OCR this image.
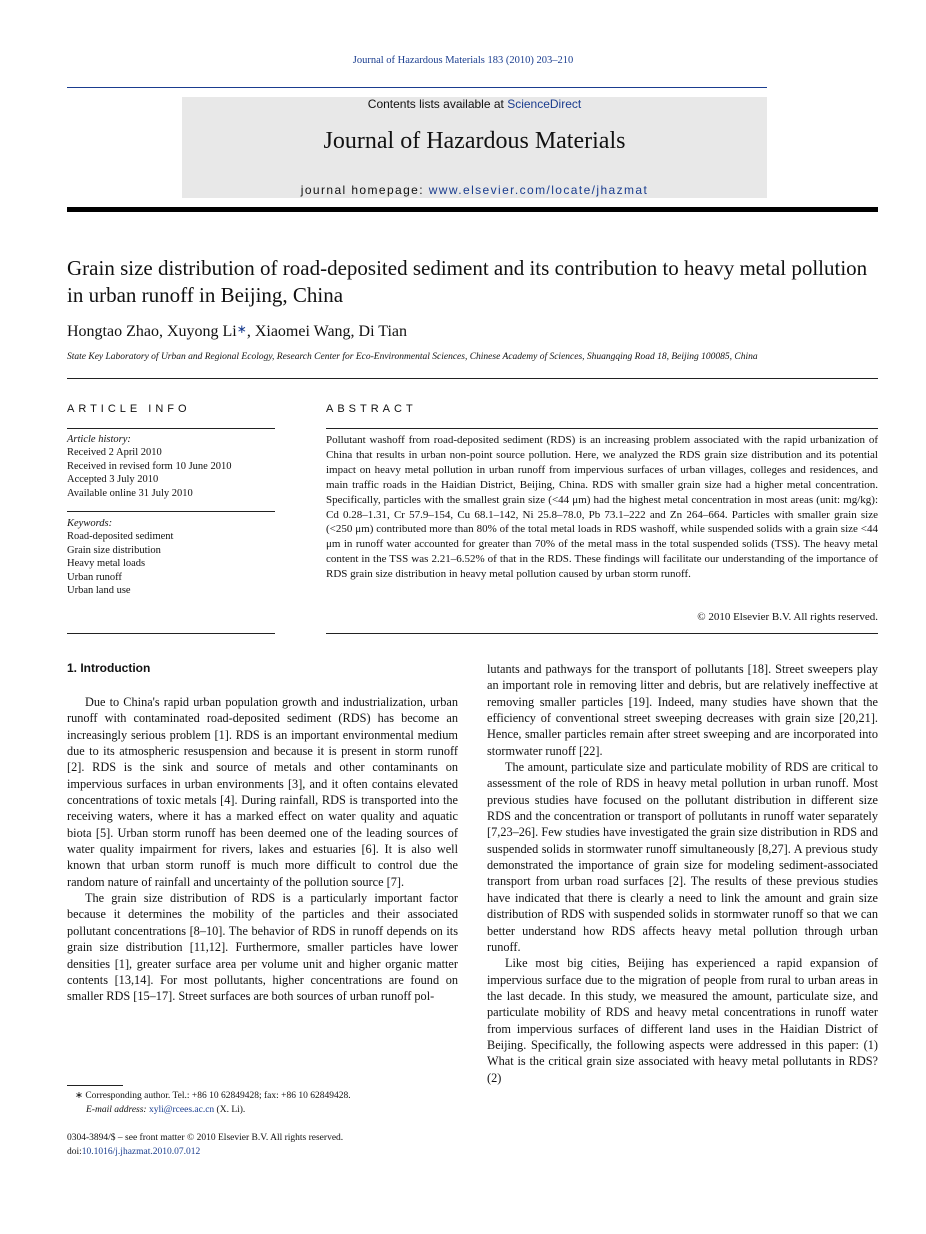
Journal of Hazardous Materials 183 (2010) 203–210
Contents lists available at ScienceDirect
Journal of Hazardous Materials
journal homepage: www.elsevier.com/locate/jhazmat
Grain size distribution of road-deposited sediment and its contribution to heavy metal pollution in urban runoff in Beijing, China
Hongtao Zhao, Xuyong Li∗, Xiaomei Wang, Di Tian
State Key Laboratory of Urban and Regional Ecology, Research Center for Eco-Environmental Sciences, Chinese Academy of Sciences, Shuangqing Road 18, Beijing 100085, China
ARTICLE INFO
Article history:
Received 2 April 2010
Received in revised form 10 June 2010
Accepted 3 July 2010
Available online 31 July 2010
Keywords:
Road-deposited sediment
Grain size distribution
Heavy metal loads
Urban runoff
Urban land use
ABSTRACT
Pollutant washoff from road-deposited sediment (RDS) is an increasing problem associated with the rapid urbanization of China that results in urban non-point source pollution. Here, we analyzed the RDS grain size distribution and its potential impact on heavy metal pollution in urban runoff from impervious surfaces of urban villages, colleges and residences, and main traffic roads in the Haidian District, Beijing, China. RDS with smaller grain size had a higher metal concentration. Specifically, particles with the smallest grain size (<44 μm) had the highest metal concentration in most areas (unit: mg/kg): Cd 0.28–1.31, Cr 57.9–154, Cu 68.1–142, Ni 25.8–78.0, Pb 73.1–222 and Zn 264–664. Particles with smaller grain size (<250 μm) contributed more than 80% of the total metal loads in RDS washoff, while suspended solids with a grain size <44 μm in runoff water accounted for greater than 70% of the metal mass in the total suspended solids (TSS). The heavy metal content in the TSS was 2.21–6.52% of that in the RDS. These findings will facilitate our understanding of the importance of RDS grain size distribution in heavy metal pollution caused by urban storm runoff.
© 2010 Elsevier B.V. All rights reserved.
1. Introduction

Due to China's rapid urban population growth and industrialization, urban runoff with contaminated road-deposited sediment (RDS) has become an increasingly serious problem [1]. RDS is an important environmental medium due to its atmospheric resuspension and because it is present in storm runoff [2]. RDS is the sink and source of metals and other contaminants on impervious surfaces in urban environments [3], and it often contains elevated concentrations of toxic metals [4]. During rainfall, RDS is transported into the receiving waters, where it has a marked effect on water quality and aquatic biota [5]. Urban storm runoff has been deemed one of the leading sources of water quality impairment for rivers, lakes and estuaries [6]. It is also well known that urban storm runoff is much more difficult to control due the random nature of rainfall and uncertainty of the pollution source [7].

The grain size distribution of RDS is a particularly important factor because it determines the mobility of the particles and their associated pollutant concentrations [8–10]. The behavior of RDS in runoff depends on its grain size distribution [11,12]. Furthermore, smaller particles have lower densities [1], greater surface area per volume unit and higher organic matter contents [13,14]. For most pollutants, higher concentrations are found on smaller RDS [15–17]. Street surfaces are both sources of urban runoff pol-

lutants and pathways for the transport of pollutants [18]. Street sweepers play an important role in removing litter and debris, but are relatively ineffective at removing smaller particles [19]. Indeed, many studies have shown that the efficiency of conventional street sweeping decreases with grain size [20,21]. Hence, smaller particles remain after street sweeping and are incorporated into stormwater runoff [22].

The amount, particulate size and particulate mobility of RDS are critical to assessment of the role of RDS in heavy metal pollution in urban runoff. Most previous studies have focused on the pollutant distribution in different size RDS and the concentration or transport of pollutants in runoff water separately [7,23–26]. Few studies have investigated the grain size distribution in RDS and suspended solids in stormwater runoff simultaneously [8,27]. A previous study demonstrated the importance of grain size for modeling sediment-associated transport from urban road surfaces [2]. The results of these previous studies have indicated that there is clearly a need to link the amount and grain size distribution of RDS with suspended solids in stormwater runoff so that we can better understand how RDS affects heavy metal pollution through urban runoff.

Like most big cities, Beijing has experienced a rapid expansion of impervious surface due to the migration of people from rural to urban areas in the last decade. In this study, we measured the amount, particulate size, and particulate mobility of RDS and heavy metal concentrations in runoff water from impervious surfaces of different land uses in the Haidian District of Beijing. Specifically, the following aspects were addressed in this paper: (1) What is the critical grain size associated with heavy metal pollutants in RDS? (2)

∗ Corresponding author. Tel.: +86 10 62849428; fax: +86 10 62849428.
E-mail address: xyli@rcees.ac.cn (X. Li).
0304-3894/$ – see front matter © 2010 Elsevier B.V. All rights reserved.
doi:10.1016/j.jhazmat.2010.07.012
